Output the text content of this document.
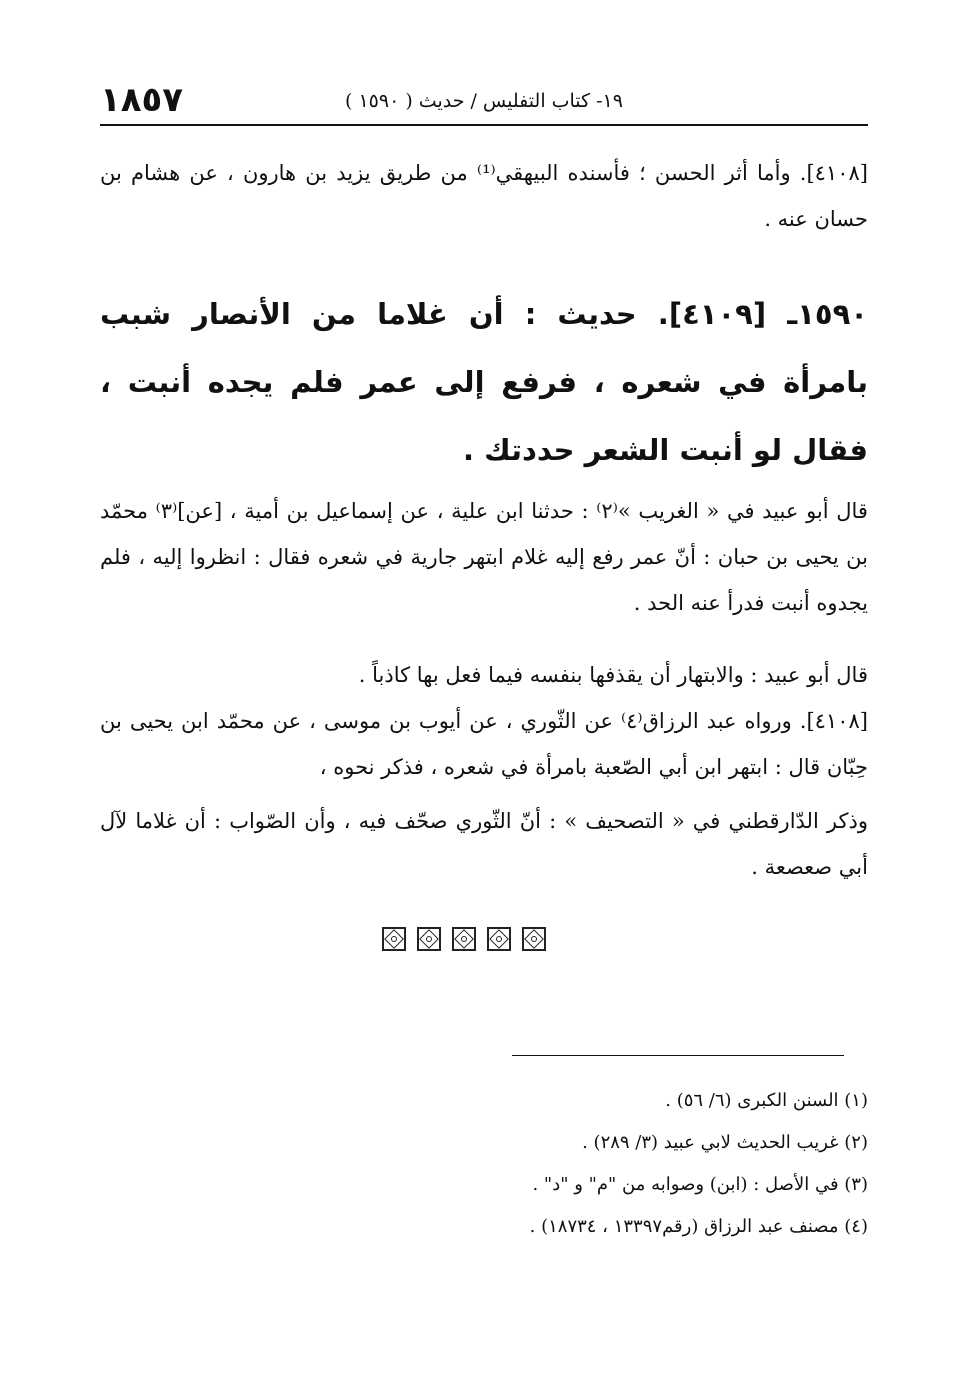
١٨٥٧	١٩- كتاب التفليس / حديث ( ١٥٩٠ )
[٤١٠٨]. وأما أثر الحسن ؛ فأسنده البيهقي⁽¹⁾ من طريق يزيد بن هارون ، عن هشام بن حسان عنه .
١٥٩٠ـ [٤١٠٩]. حديث : أن غلاما من الأنصار شبب بامرأة في شعره ، فرفع إلى عمر فلم يجده أنبت ، فقال لو أنبت الشعر حددتك .
قال أبو عبيد في « الغريب »⁽٢⁾ : حدثنا ابن علية ، عن إسماعيل بن أمية ، [عن]⁽٣⁾ محمّد بن يحيى بن حبان : أنّ عمر رفع إليه غلام ابتهر جارية في شعره فقال : انظروا إليه ، فلم يجدوه أنبت فدرأ عنه الحد .
قال أبو عبيد : والابتهار أن يقذفها بنفسه فيما فعل بها كاذباً .
[٤١٠٨]. ورواه عبد الرزاق⁽٤⁾ عن الثّوري ، عن أيوب بن موسى ، عن محمّد ابن يحيى بن حِبّان قال : ابتهر ابن أبي الصّعبة بامرأة في شعره ، فذكر نحوه ،
وذكر الدّارقطني في « التصحيف » : أنّ الثّوري صحّف فيه ، وأن الصّواب : أن غلاما لآل أبي صعصعة .
(١) السنن الكبرى (٦/ ٥٦) .
(٢) غريب الحديث لابي عبيد (٣/ ٢٨٩) .
(٣) في الأصل : (ابن) وصوابه من "م" و "د" .
(٤) مصنف عبد الرزاق (رقم١٣٣٩٧ ، ١٨٧٣٤) .
